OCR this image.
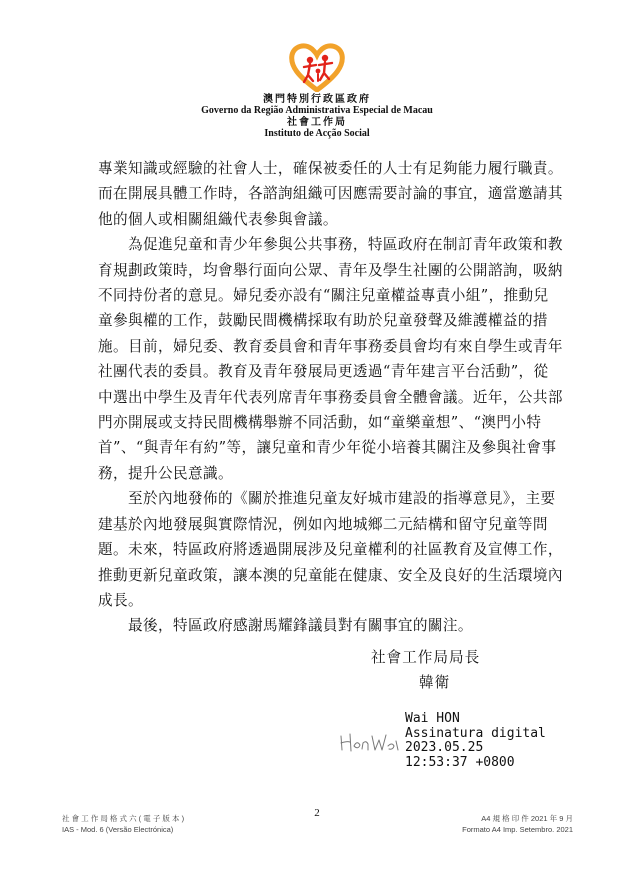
澳門特別行政區政府
Governo da Região Administrativa Especial de Macau
社會工作局
Instituto de Acção Social

專業知識或經驗的社會人士，確保被委任的人士有足夠能力履行職責。而在開展具體工作時，各諮詢組織可因應需要討論的事宜，適當邀請其他的個人或相關組織代表參與會議。

為促進兒童和青少年參與公共事務，特區政府在制訂青年政策和教育規劃政策時，均會舉行面向公眾、青年及學生社團的公開諮詢，吸納不同持份者的意見。婦兒委亦設有“關注兒童權益專責小組”，推動兒童參與權的工作，鼓勵民間機構採取有助於兒童發聲及維護權益的措施。目前，婦兒委、教育委員會和青年事務委員會均有來自學生或青年社團代表的委員。教育及青年發展局更透過“青年建言平台活動”，從中選出中學生及青年代表列席青年事務委員會全體會議。近年，公共部門亦開展或支持民間機構舉辦不同活動，如“童樂童想”、“澳門小特首”、“與青年有約”等，讓兒童和青少年從小培養其關注及參與社會事務，提升公民意識。

至於內地發佈的《關於推進兒童友好城市建設的指導意見》，主要建基於內地發展與實際情況，例如內地城鄉二元結構和留守兒童等問題。未來，特區政府將透過開展涉及兒童權利的社區教育及宣傳工作，推動更新兒童政策，讓本澳的兒童能在健康、安全及良好的生活環境內成長。

最後，特區政府感謝馬耀鋒議員對有關事宜的關注。

社會工作局局長
韓衛
Wai HON
Assinatura digital
2023.05.25
12:53:37 +0800
2
社 會 工 作 局 格 式 六 ( 電 子 版 本 )
IAS - Mod. 6 (Versão Electrónica)
A4 規 格 印 件 2021 年 9 月
Formato A4 Imp. Setembro. 2021
